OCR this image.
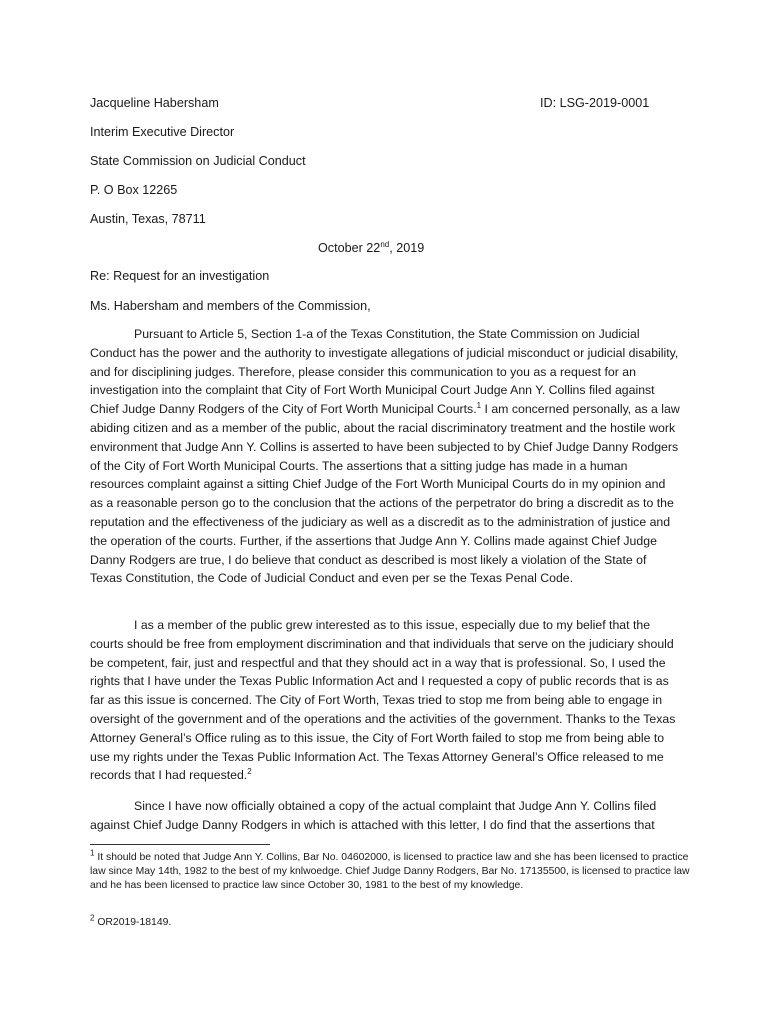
Jacqueline Habersham	ID: LSG-2019-0001
Interim Executive Director
State Commission on Judicial Conduct
P. O Box 12265
Austin, Texas, 78711
October 22nd, 2019
Re: Request for an investigation
Ms. Habersham and members of the Commission,

Pursuant to Article 5, Section 1-a of the Texas Constitution, the State Commission on Judicial Conduct has the power and the authority to investigate allegations of judicial misconduct or judicial disability, and for disciplining judges. Therefore, please consider this communication to you as a request for an investigation into the complaint that City of Fort Worth Municipal Court Judge Ann Y. Collins filed against Chief Judge Danny Rodgers of the City of Fort Worth Municipal Courts.$^1$ I am concerned personally, as a law abiding citizen and as a member of the public, about the racial discriminatory treatment and the hostile work environment that Judge Ann Y. Collins is asserted to have been subjected to by Chief Judge Danny Rodgers of the City of Fort Worth Municipal Courts. The assertions that a sitting judge has made in a human resources complaint against a sitting Chief Judge of the Fort Worth Municipal Courts do in my opinion and as a reasonable person go to the conclusion that the actions of the perpetrator do bring a discredit as to the reputation and the effectiveness of the judiciary as well as a discredit as to the administration of justice and the operation of the courts. Further, if the assertions that Judge Ann Y. Collins made against Chief Judge Danny Rodgers are true, I do believe that conduct as described is most likely a violation of the State of Texas Constitution, the Code of Judicial Conduct and even per se the Texas Penal Code.

I as a member of the public grew interested as to this issue, especially due to my belief that the courts should be free from employment discrimination and that individuals that serve on the judiciary should be competent, fair, just and respectful and that they should act in a way that is professional. So, I used the rights that I have under the Texas Public Information Act and I requested a copy of public records that is as far as this issue is concerned. The City of Fort Worth, Texas tried to stop me from being able to engage in oversight of the government and of the operations and the activities of the government. Thanks to the Texas Attorney General’s Office ruling as to this issue, the City of Fort Worth failed to stop me from being able to use my rights under the Texas Public Information Act. The Texas Attorney General’s Office released to me records that I had requested.$^2$

Since I have now officially obtained a copy of the actual complaint that Judge Ann Y. Collins filed against Chief Judge Danny Rodgers in which is attached with this letter, I do find that the assertions that

$^1$ It should be noted that Judge Ann Y. Collins, Bar No. 04602000, is licensed to practice law and she has been licensed to practice law since May 14th, 1982 to the best of my knlwoedge. Chief Judge Danny Rodgers, Bar No. 17135500, is licensed to practice law and he has been licensed to practice law since October 30, 1981 to the best of my knowledge.

$^2$ OR2019-18149.
